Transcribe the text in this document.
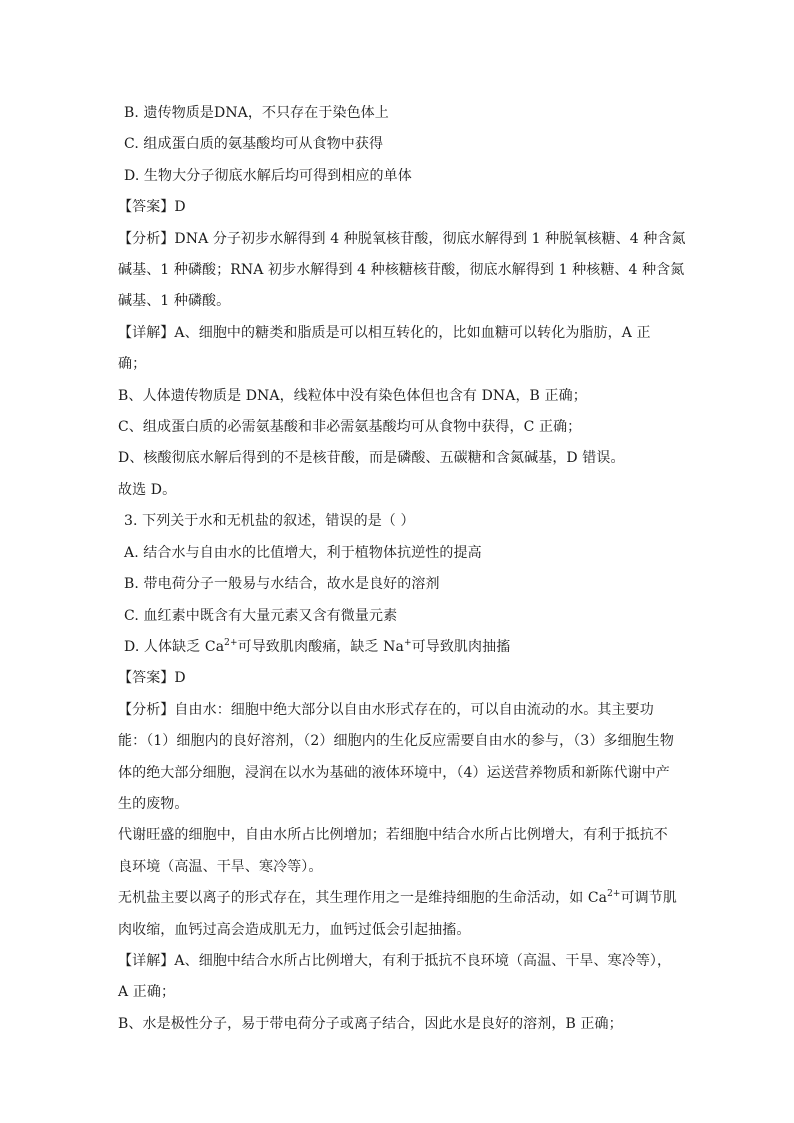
B. 遗传物质是DNA，不只存在于染色体上
C. 组成蛋白质的氨基酸均可从食物中获得
D. 生物大分子彻底水解后均可得到相应的单体
【答案】D
【分析】DNA 分子初步水解得到 4 种脱氧核苷酸，彻底水解得到 1 种脱氧核糖、4 种含氮
碱基、1 种磷酸；RNA 初步水解得到 4 种核糖核苷酸，彻底水解得到 1 种核糖、4 种含氮
碱基、1 种磷酸。
【详解】A、细胞中的糖类和脂质是可以相互转化的，比如血糖可以转化为脂肪，A 正
确；
B、人体遗传物质是 DNA，线粒体中没有染色体但也含有 DNA，B 正确；
C、组成蛋白质的必需氨基酸和非必需氨基酸均可从食物中获得，C 正确；
D、核酸彻底水解后得到的不是核苷酸，而是磷酸、五碳糖和含氮碱基，D 错误。
故选 D。
3. 下列关于水和无机盐的叙述，错误的是（ ）
A. 结合水与自由水的比值增大，利于植物体抗逆性的提高
B. 带电荷分子一般易与水结合，故水是良好的溶剂
C. 血红素中既含有大量元素又含有微量元素
D. 人体缺乏 $Ca^{2+}$可导致肌肉酸痛，缺乏 Na+可导致肌肉抽搐
【答案】D
【分析】自由水：细胞中绝大部分以自由水形式存在的，可以自由流动的水。其主要功
能：（1）细胞内的良好溶剂，（2）细胞内的生化反应需要自由水的参与，（3）多细胞生物
体的绝大部分细胞，浸润在以水为基础的液体环境中，（4）运送营养物质和新陈代谢中产
生的废物。
代谢旺盛的细胞中，自由水所占比例增加；若细胞中结合水所占比例增大，有利于抵抗不
良环境（高温、干旱、寒冷等）。
无机盐主要以离子的形式存在，其生理作用之一是维持细胞的生命活动，如 $Ca^{2+}$可调节肌
肉收缩，血钙过高会造成肌无力，血钙过低会引起抽搐。
【详解】A、细胞中结合水所占比例增大，有利于抵抗不良环境（高温、干旱、寒冷等），
A 正确；
B、水是极性分子，易于带电荷分子或离子结合，因此水是良好的溶剂，B 正确；
